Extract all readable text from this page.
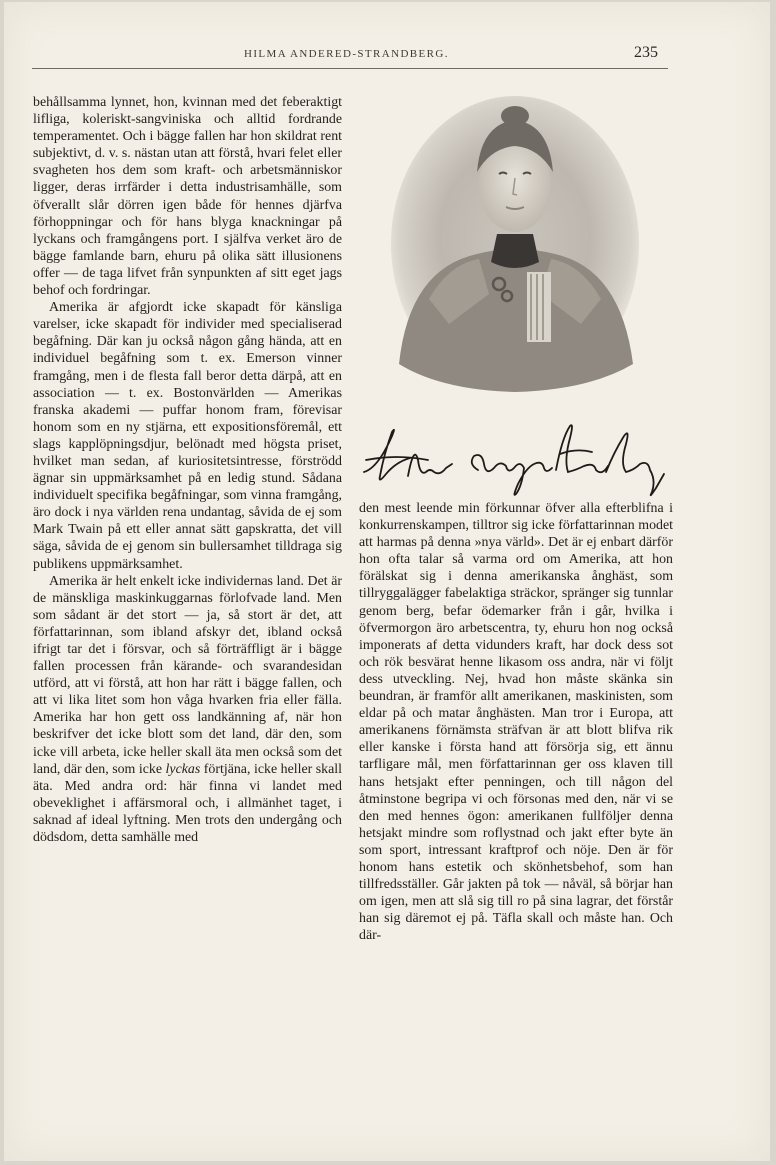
HILMA ANDERED-STRANDBERG.	235

behållsamma lynnet, hon, kvinnan med det feberaktigt lifliga, koleriskt-sangviniska och alltid fordrande temperamentet. Och i bägge fallen har hon skildrat rent subjektivt, d. v. s. nästan utan att förstå, hvari felet eller svagheten hos dem som kraft- och arbetsmänniskor ligger, deras irrfärder i detta industrisamhälle, som öfverallt slår dörren igen både för hennes djärfva förhoppningar och för hans blyga knackningar på lyckans och framgångens port. I själfva verket äro de bägge famlande barn, ehuru på olika sätt illusionens offer — de taga lifvet från synpunkten af sitt eget jags behof och fordringar.

Amerika är afgjordt icke skapadt för känsliga varelser, icke skapadt för individer med specialiserad begåfning. Där kan ju också någon gång hända, att en individuel begåfning som t. ex. Emerson vinner framgång, men i de flesta fall beror detta därpå, att en association — t. ex. Bostonvärlden — Amerikas franska akademi — puffar honom fram, förevisar honom som en ny stjärna, ett expositionsföremål, ett slags kapplöpningsdjur, belönadt med högsta priset, hvilket man sedan, af kuriositetsintresse, förströdd ägnar sin uppmärksamhet på en ledig stund. Sådana individuelt specifika begåfningar, som vinna framgång, äro dock i nya världen rena undantag, såvida de ej som Mark Twain på ett eller annat sätt gapskratta, det vill säga, såvida de ej genom sin bullersamhet tilldraga sig publikens uppmärksamhet.

Amerika är helt enkelt icke individernas land. Det är de mänskliga maskinkuggarnas förlofvade land. Men som sådant är det stort — ja, så stort är det, att författarinnan, som ibland afskyr det, ibland också ifrigt tar det i försvar, och så förträffligt är i bägge fallen processen från kärande- och svarandesidan utförd, att vi förstå, att hon har rätt i bägge fallen, och att vi lika litet som hon våga hvarken fria eller fälla. Amerika har hon gett oss landkänning af, när hon beskrifver det icke blott som det land, där den, som icke vill arbeta, icke heller skall äta men också som det land, där den, som icke lyckas förtjäna, icke heller skall äta. Med andra ord: här finna vi landet med obeveklighet i affärsmoral och, i allmänhet taget, i saknad af ideal lyftning. Men trots den undergång och dödsdom, detta samhälle med

den mest leende min förkunnar öfver alla efterblifna i konkurrenskampen, tilltror sig icke författarinnan modet att harmas på denna »nya värld». Det är ej enbart därför hon ofta talar så varma ord om Amerika, att hon förälskat sig i denna amerikanska ånghäst, som tillryggalägger fabelaktiga sträckor, spränger sig tunnlar genom berg, befar ödemarker från i går, hvilka i öfvermorgon äro arbetscentra, ty, ehuru hon nog också imponerats af detta vidunders kraft, har dock dess sot och rök besvärat henne likasom oss andra, när vi följt dess utveckling. Nej, hvad hon måste skänka sin beundran, är framför allt amerikanen, maskinisten, som eldar på och matar ånghästen. Man tror i Europa, att amerikanens förnämsta sträfvan är att blott blifva rik eller kanske i första hand att försörja sig, ett ännu tarfligare mål, men författarinnan ger oss klaven till hans hetsjakt efter penningen, och till någon del åtminstone begripa vi och försonas med den, när vi se den med hennes ögon: amerikanen fullföljer denna hetsjakt mindre som roflystnad och jakt efter byte än som sport, intressant kraftprof och nöje. Den är för honom hans estetik och skönhetsbehof, som han tillfredsställer. Går jakten på tok — nåväl, så börjar han om igen, men att slå sig till ro på sina lagrar, det förstår han sig däremot ej på. Täfla skall och måste han. Och där-
